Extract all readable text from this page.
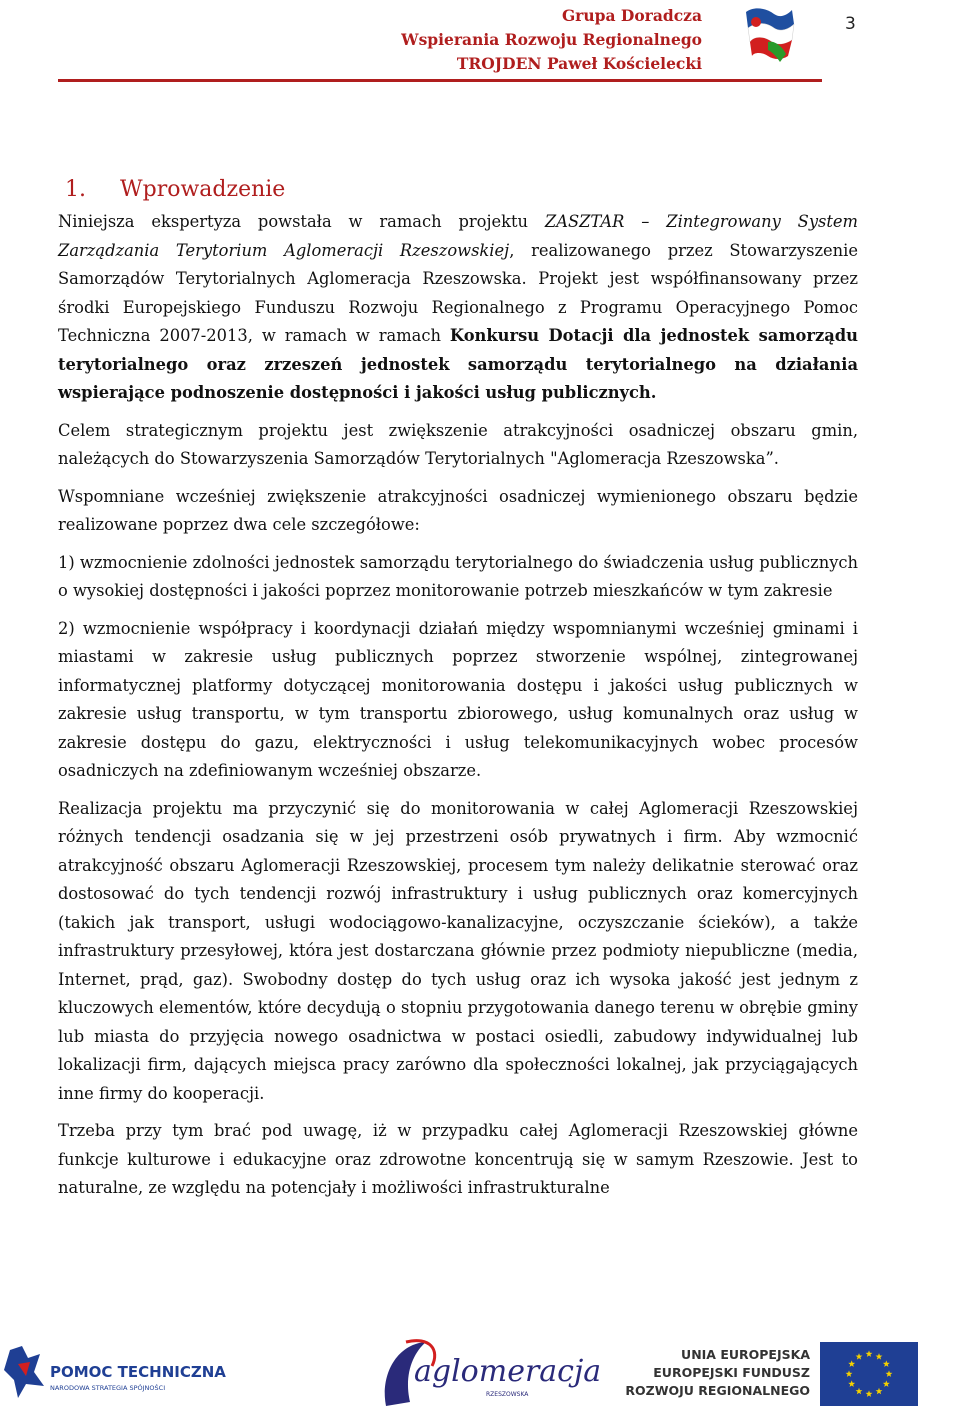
Grupa Doradcza
Wspierania Rozwoju Regionalnego
TROJDEN Paweł Kościelecki
3
1. Wprowadzenie

Niniejsza ekspertyza powstała w ramach projektu ZASZTAR – Zintegrowany System Zarządzania Terytorium Aglomeracji Rzeszowskiej, realizowanego przez Stowarzyszenie Samorządów Terytorialnych Aglomeracja Rzeszowska. Projekt jest współfinansowany przez środki Europejskiego Funduszu Rozwoju Regionalnego z Programu Operacyjnego Pomoc Techniczna 2007-2013, w ramach w ramach Konkursu Dotacji dla jednostek samorządu terytorialnego oraz zrzeszeń jednostek samorządu terytorialnego na działania wspierające podnoszenie dostępności i jakości usług publicznych.

Celem strategicznym projektu jest zwiększenie atrakcyjności osadniczej obszaru gmin, należących do Stowarzyszenia Samorządów Terytorialnych "Aglomeracja Rzeszowska”.

Wspomniane wcześniej zwiększenie atrakcyjności osadniczej wymienionego obszaru będzie realizowane poprzez dwa cele szczegółowe:

1) wzmocnienie zdolności jednostek samorządu terytorialnego do świadczenia usług publicznych o wysokiej dostępności i jakości poprzez monitorowanie potrzeb mieszkańców w tym zakresie

2) wzmocnienie współpracy i koordynacji działań między wspomnianymi wcześniej gminami i miastami w zakresie usług publicznych poprzez stworzenie wspólnej, zintegrowanej informatycznej platformy dotyczącej monitorowania dostępu i jakości usług publicznych w zakresie usług transportu, w tym transportu zbiorowego, usług komunalnych oraz usług w zakresie dostępu do gazu, elektryczności i usług telekomunikacyjnych wobec procesów osadniczych na zdefiniowanym wcześniej obszarze.

Realizacja projektu ma przyczynić się do monitorowania w całej Aglomeracji Rzeszowskiej różnych tendencji osadzania się w jej przestrzeni osób prywatnych i firm. Aby wzmocnić atrakcyjność obszaru Aglomeracji Rzeszowskiej, procesem tym należy delikatnie sterować oraz dostosować do tych tendencji rozwój infrastruktury i usług publicznych oraz komercyjnych (takich jak transport, usługi wodociągowo-kanalizacyjne, oczyszczanie ścieków), a także infrastruktury przesyłowej, która jest dostarczana głównie przez podmioty niepubliczne (media, Internet, prąd, gaz). Swobodny dostęp do tych usług oraz ich wysoka jakość jest jednym z kluczowych elementów, które decydują o stopniu przygotowania danego terenu w obrębie gminy lub miasta do przyjęcia nowego osadnictwa w postaci osiedli, zabudowy indywidualnej lub lokalizacji firm, dających miejsca pracy zarówno dla społeczności lokalnej, jak przyciągających inne firmy do kooperacji.

Trzeba przy tym brać pod uwagę, iż w przypadku całej Aglomeracji Rzeszowskiej główne funkcje kulturowe i edukacyjne oraz zdrowotne koncentrują się w samym Rzeszowie. Jest to naturalne, ze względu na potencjały i możliwości infrastrukturalne

POMOC TECHNICZNA
NARODOWA STRATEGIA SPÓJNOŚCI	aglomeracja
RZESZOWSKA
UNIA EUROPEJSKA
EUROPEJSKI FUNDUSZ
ROZWOJU REGIONALNEGO
